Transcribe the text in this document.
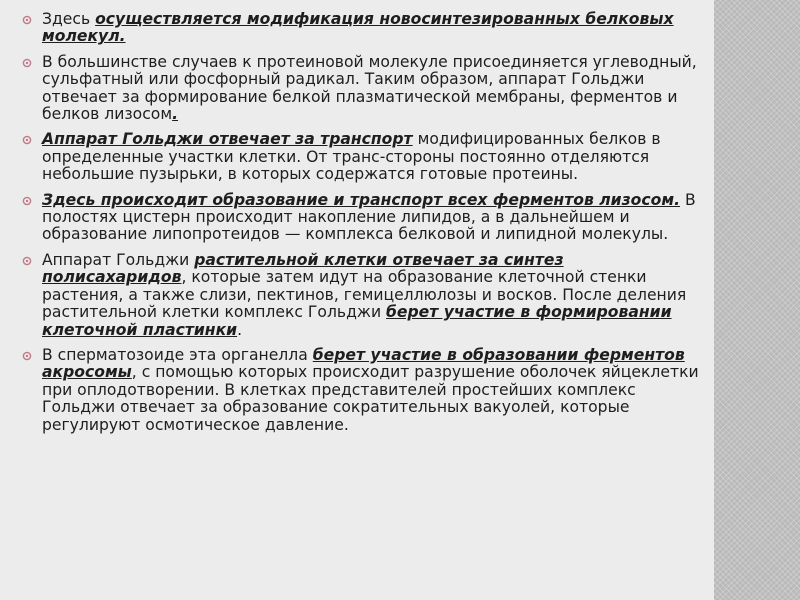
Здесь осуществляется модификация новосинтезированных белковых молекул.
В большинстве случаев к протеиновой молекуле присоединяется углеводный, сульфатный или фосфорный радикал. Таким образом, аппарат Гольджи отвечает за формирование белкой плазматической мембраны, ферментов и белков лизосом.
Аппарат Гольджи отвечает за транспорт модифицированных белков в определенные участки клетки. От транс-стороны постоянно отделяются небольшие пузырьки, в которых содержатся готовые протеины.
Здесь происходит образование и транспорт всех ферментов лизосом. В полостях цистерн происходит накопление липидов, а в дальнейшем и образование липопротеидов — комплекса белковой и липидной молекулы.
Аппарат Гольджи растительной клетки отвечает за синтез полисахаридов, которые затем идут на образование клеточной стенки растения, а также слизи, пектинов, гемицеллюлозы и восков. После деления растительной клетки комплекс Гольджи берет участие в формировании клеточной пластинки.
В сперматозоиде эта органелла берет участие в образовании ферментов акросомы, с помощью которых происходит разрушение оболочек яйцеклетки при оплодотворении. В клетках представителей простейших комплекс Гольджи отвечает за образование сократительных вакуолей, которые регулируют осмотическое давление.
